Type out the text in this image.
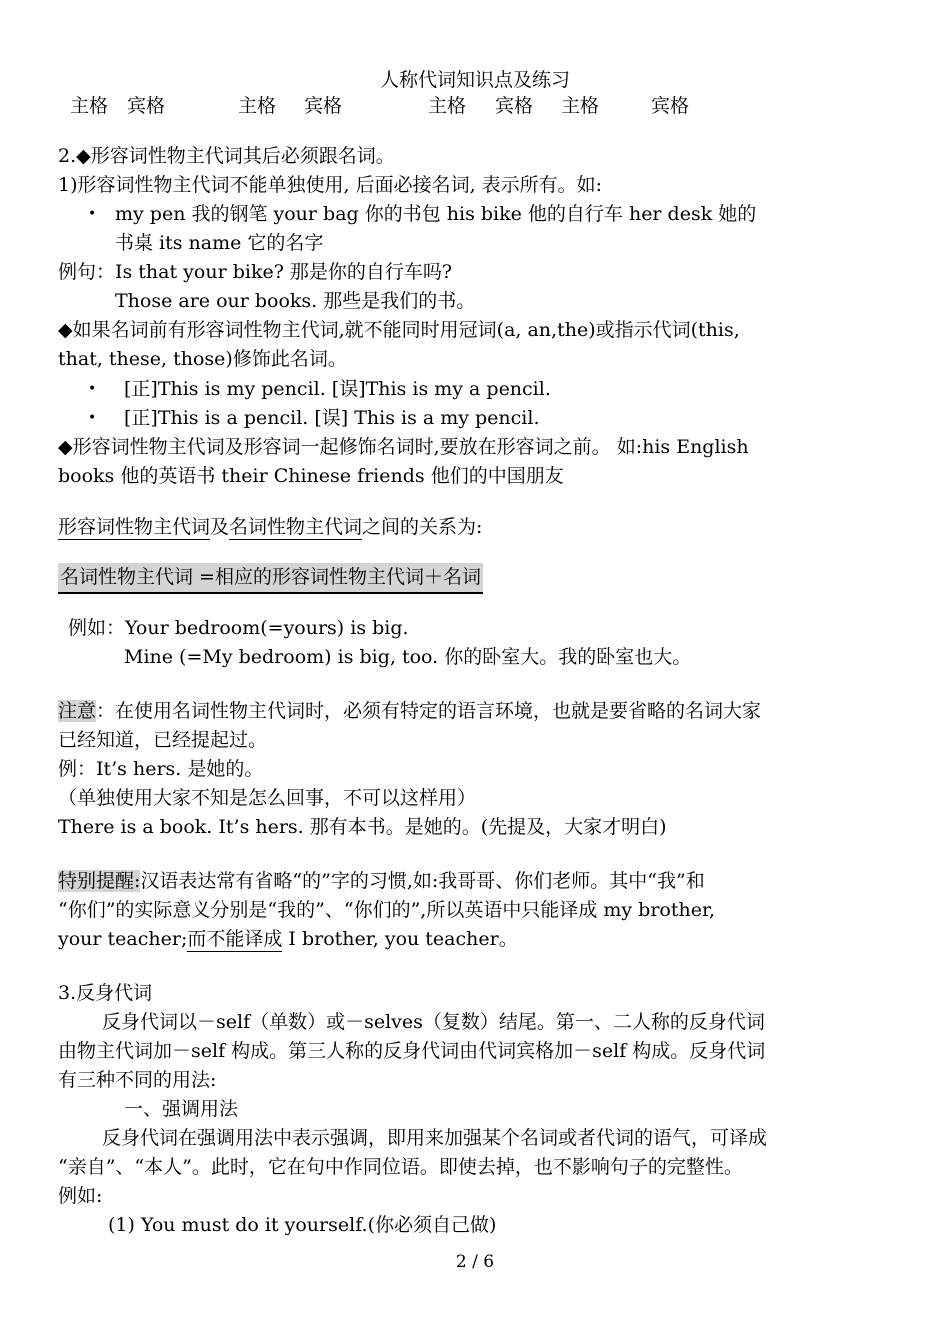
人称代词知识点及练习
主格 宾格	主格 宾格	主格 宾格 主格	宾格
2.◆形容词性物主代词其后必须跟名词。
1)形容词性物主代词不能单独使用, 后面必接名词, 表示所有。如:
• my pen 我的钢笔 your bag 你的书包 his bike 他的自行车 her desk 她的
书桌 its name 它的名字
例句：Is that your bike? 那是你的自行车吗?
Those are our books. 那些是我们的书。
◆如果名词前有形容词性物主代词,就不能同时用冠词(a, an,the)或指示代词(this,
that, these, those)修饰此名词。
• [正]This is my pencil. [误]This is my a pencil.
• [正]This is a pencil. [误] This is a my pencil.
◆形容词性物主代词及形容词一起修饰名词时,要放在形容词之前。 如:his English
books 他的英语书 their Chinese friends 他们的中国朋友
形容词性物主代词及名词性物主代词之间的关系为:
名词性物主代词 =相应的形容词性物主代词＋名词
例如：Your bedroom(=yours) is big.
Mine (=My bedroom) is big, too. 你的卧室大。我的卧室也大。
注意：在使用名词性物主代词时，必须有特定的语言环境，也就是要省略的名词大家
已经知道，已经提起过。
例：It’s hers. 是她的。
（单独使用大家不知是怎么回事，不可以这样用）
There is a book. It’s hers. 那有本书。是她的。(先提及，大家才明白)
特别提醒:汉语表达常有省略“的”字的习惯,如:我哥哥、你们老师。其中“我”和
“你们”的实际意义分别是“我的”、“你们的”,所以英语中只能译成 my brother,
your teacher;而不能译成 I brother, you teacher。
3.反身代词
反身代词以－self（单数）或－selves（复数）结尾。第一、二人称的反身代词
由物主代词加－self 构成。第三人称的反身代词由代词宾格加－self 构成。反身代词
有三种不同的用法:
一、强调用法
反身代词在强调用法中表示强调，即用来加强某个名词或者代词的语气，可译成
“亲自”、“本人”。此时，它在句中作同位语。即使去掉，也不影响句子的完整性。
例如:
(1) You must do it yourself.(你必须自己做)
2 / 6
